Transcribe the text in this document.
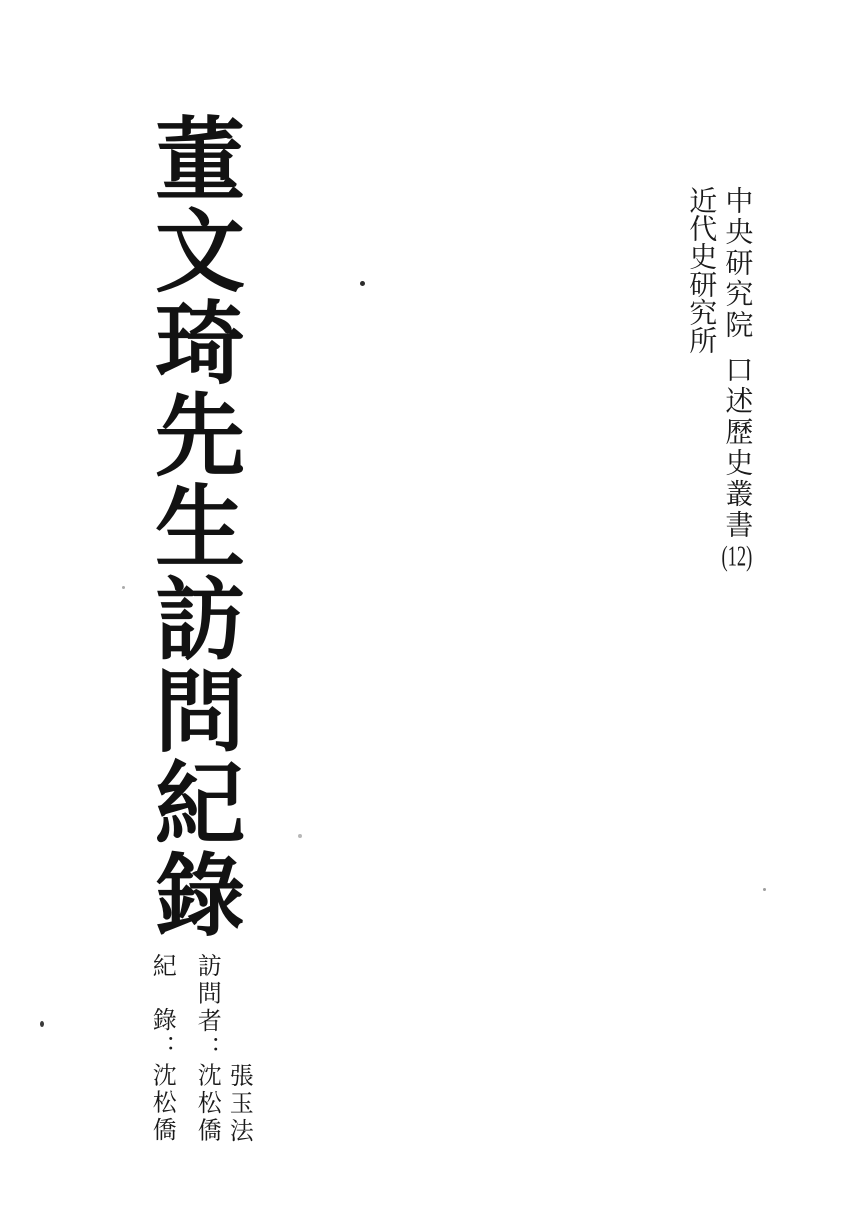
董文琦先生訪問紀錄	中央研究院口述歷史叢書(12)
近代史研究所
張玉法
訪問者：沈松僑
紀錄：沈松僑
